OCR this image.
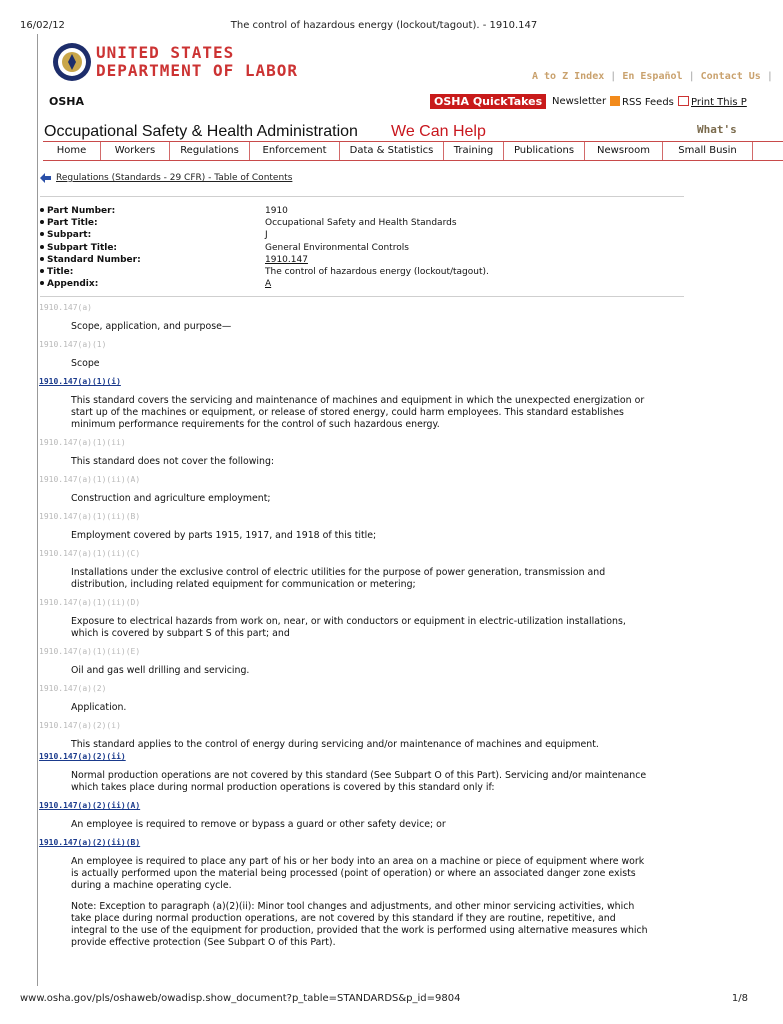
16/02/12	The control of hazardous energy (lockout/tagout). - 1910.147
UNITED STATES
DEPARTMENT OF LABOR	A to Z Index | En Español | Contact Us |
OSHA	OSHA QuickTakes Newsletter	RSS Feeds	Print This P
Occupational Safety & Health Administration We Can Help	What's
Home	Workers	Regulations	Enforcement	Data & Statistics	Training	Publications	Newsroom	Small Busin
Regulations (Standards - 29 CFR) - Table of Contents
Part Number:	1910
Part Title:	Occupational Safety and Health Standards
Subpart:	J
Subpart Title:	General Environmental Controls
Standard Number:	1910.147
Title:	The control of hazardous energy (lockout/tagout).
Appendix:	A
1910.147(a)
Scope, application, and purpose—
1910.147(a)(1)
Scope
1910.147(a)(1)(i)
This standard covers the servicing and maintenance of machines and equipment in which the unexpected energization or start up of the machines or equipment, or release of stored energy, could harm employees. This standard establishes minimum performance requirements for the control of such hazardous energy.
1910.147(a)(1)(ii)
This standard does not cover the following:
1910.147(a)(1)(ii)(A)
Construction and agriculture employment;
1910.147(a)(1)(ii)(B)
Employment covered by parts 1915, 1917, and 1918 of this title;
1910.147(a)(1)(ii)(C)
Installations under the exclusive control of electric utilities for the purpose of power generation, transmission and distribution, including related equipment for communication or metering;
1910.147(a)(1)(ii)(D)
Exposure to electrical hazards from work on, near, or with conductors or equipment in electric-utilization installations, which is covered by subpart S of this part; and
1910.147(a)(1)(ii)(E)
Oil and gas well drilling and servicing.
1910.147(a)(2)
Application.
1910.147(a)(2)(i)
This standard applies to the control of energy during servicing and/or maintenance of machines and equipment.
1910.147(a)(2)(ii)
Normal production operations are not covered by this standard (See Subpart O of this Part). Servicing and/or maintenance which takes place during normal production operations is covered by this standard only if:
1910.147(a)(2)(ii)(A)
An employee is required to remove or bypass a guard or other safety device; or
1910.147(a)(2)(ii)(B)
An employee is required to place any part of his or her body into an area on a machine or piece of equipment where work is actually performed upon the material being processed (point of operation) or where an associated danger zone exists during a machine operating cycle.
Note: Exception to paragraph (a)(2)(ii): Minor tool changes and adjustments, and other minor servicing activities, which take place during normal production operations, are not covered by this standard if they are routine, repetitive, and integral to the use of the equipment for production, provided that the work is performed using alternative measures which provide effective protection (See Subpart O of this Part).
www.osha.gov/pls/oshaweb/owadisp.show_document?p_table=STANDARDS&p_id=9804	1/8
